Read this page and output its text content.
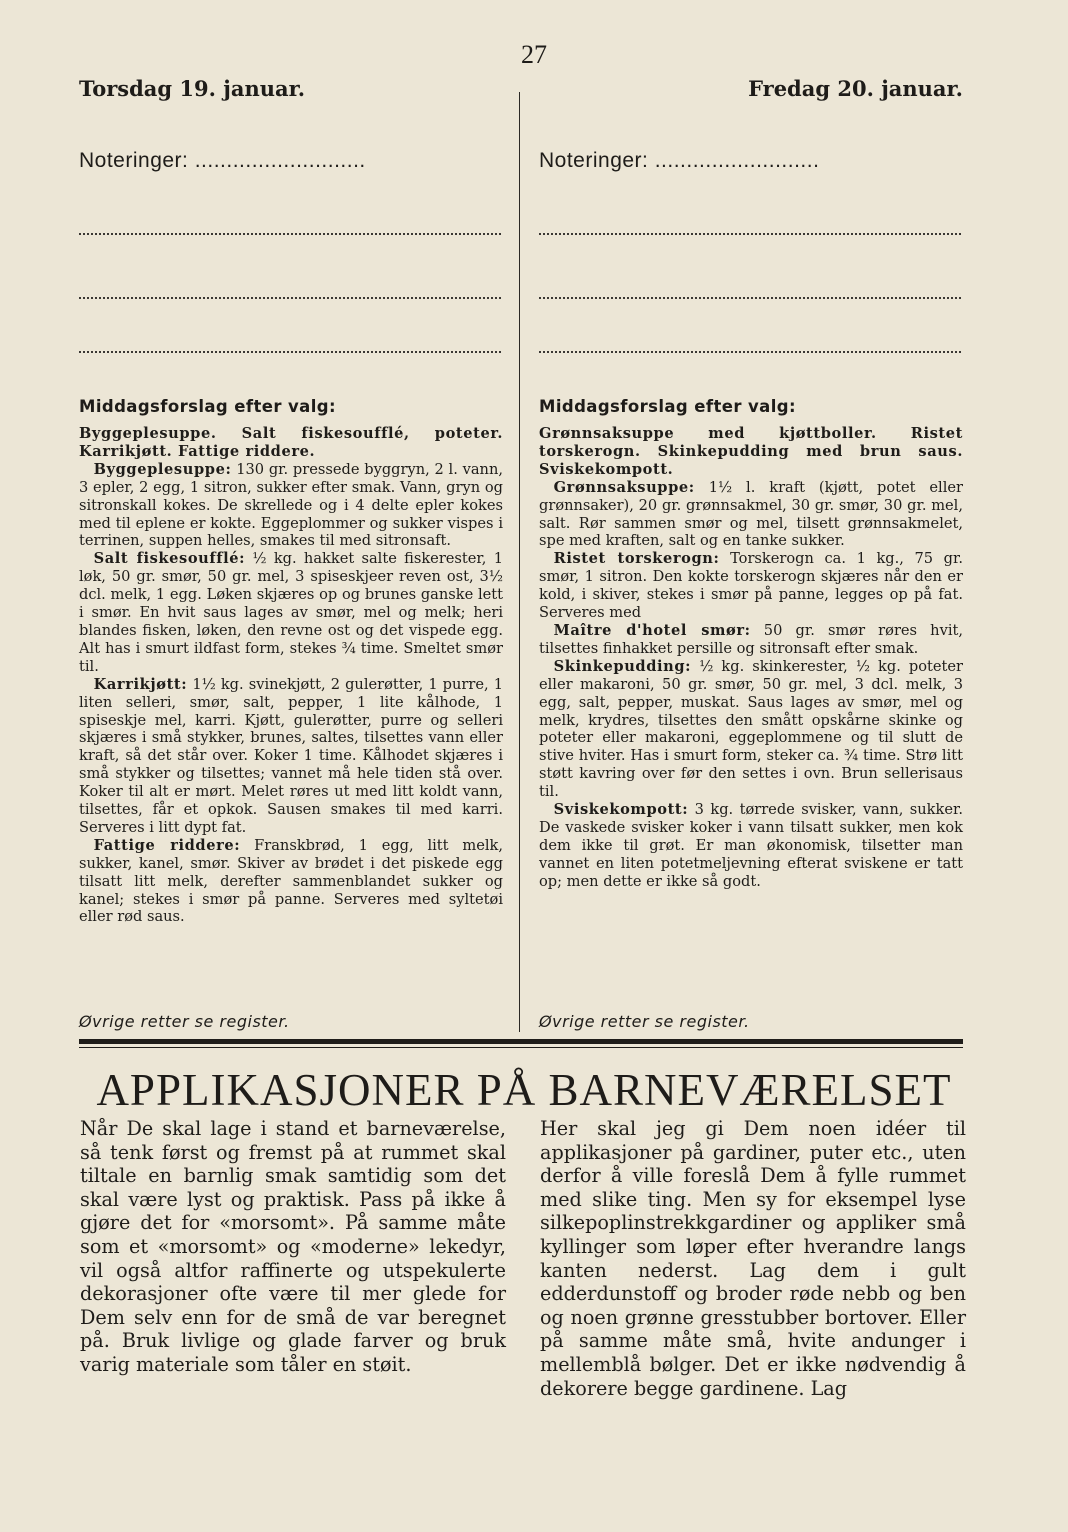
27
Torsdag 19. januar.
Noteringer: ...........................
Middagsforslag efter valg:

Byggeplesuppe. Salt fiskesoufflé, poteter. Karrikjøtt. Fattige riddere.

 Byggeplesuppe: 130 gr. pressede byggryn, 2 l. vann, 3 epler, 2 egg, 1 sitron, sukker efter smak. Vann, gryn og sitronskall kokes. De skrellede og i 4 delte epler kokes med til eplene er kokte. Eggeplommer og sukker vispes i terrinen, suppen helles, smakes til med sitronsaft.

 Salt fiskesoufflé: ½ kg. hakket salte fiskerester, 1 løk, 50 gr. smør, 50 gr. mel, 3 spiseskjeer reven ost, 3½ dcl. melk, 1 egg. Løken skjæres op og brunes ganske lett i smør. En hvit saus lages av smør, mel og melk; heri blandes fisken, løken, den revne ost og det vispede egg. Alt has i smurt ildfast form, stekes ¾ time. Smeltet smør til.

 Karrikjøtt: 1½ kg. svinekjøtt, 2 gulerøtter, 1 purre, 1 liten selleri, smør, salt, pepper, 1 lite kålhode, 1 spiseskje mel, karri. Kjøtt, gulerøtter, purre og selleri skjæres i små stykker, brunes, saltes, tilsettes vann eller kraft, så det står over. Koker 1 time. Kålhodet skjæres i små stykker og tilsettes; vannet må hele tiden stå over. Koker til alt er mørt. Melet røres ut med litt koldt vann, tilsettes, får et opkok. Sausen smakes til med karri. Serveres i litt dypt fat.

 Fattige riddere: Franskbrød, 1 egg, litt melk, sukker, kanel, smør. Skiver av brødet i det piskede egg tilsatt litt melk, derefter sammenblandet sukker og kanel; stekes i smør på panne. Serveres med syltetøi eller rød saus.

Øvrige retter se register.
Fredag 20. januar.
Noteringer: ..........................
Middagsforslag efter valg:

Grønnsaksuppe med kjøttboller. Ristet torskerogn. Skinkepudding med brun saus. Sviskekompott.

 Grønnsaksuppe: 1½ l. kraft (kjøtt, potet eller grønnsaker), 20 gr. grønnsakmel, 30 gr. smør, 30 gr. mel, salt. Rør sammen smør og mel, tilsett grønnsakmelet, spe med kraften, salt og en tanke sukker.

 Ristet torskerogn: Torskerogn ca. 1 kg., 75 gr. smør, 1 sitron. Den kokte torskerogn skjæres når den er kold, i skiver, stekes i smør på panne, legges op på fat. Serveres med

 Maître d'hotel smør: 50 gr. smør røres hvit, tilsettes finhakket persille og sitronsaft efter smak.

 Skinkepudding: ½ kg. skinkerester, ½ kg. poteter eller makaroni, 50 gr. smør, 50 gr. mel, 3 dcl. melk, 3 egg, salt, pepper, muskat. Saus lages av smør, mel og melk, krydres, tilsettes den smått opskårne skinke og poteter eller makaroni, eggeplommene og til slutt de stive hviter. Has i smurt form, steker ca. ¾ time. Strø litt støtt kavring over før den settes i ovn. Brun sellerisaus til.

 Sviskekompott: 3 kg. tørrede svisker, vann, sukker. De vaskede svisker koker i vann tilsatt sukker, men kok dem ikke til grøt. Er man økonomisk, tilsetter man vannet en liten potetmeljevning efterat sviskene er tatt op; men dette er ikke så godt.

Øvrige retter se register.
APPLIKASJONER PÅ BARNEVÆRELSET

Når De skal lage i stand et barneværelse, så tenk først og fremst på at rummet skal tiltale en barnlig smak samtidig som det skal være lyst og praktisk. Pass på ikke å gjøre det for «morsomt». På samme måte som et «morsomt» og «moderne» lekedyr, vil også altfor raffinerte og utspekulerte dekorasjoner ofte være til mer glede for Dem selv enn for de små de var beregnet på. Bruk livlige og glade farver og bruk varig materiale som tåler en støit.

Her skal jeg gi Dem noen idéer til applikasjoner på gardiner, puter etc., uten derfor å ville foreslå Dem å fylle rummet med slike ting. Men sy for eksempel lyse silkepoplinstrekkgardiner og appliker små kyllinger som løper efter hverandre langs kanten nederst. Lag dem i gult edderdunstoff og broder røde nebb og ben og noen grønne gresstubber bortover. Eller på samme måte små, hvite andunger i mellemblå bølger. Det er ikke nødvendig å dekorere begge gardinene. Lag
